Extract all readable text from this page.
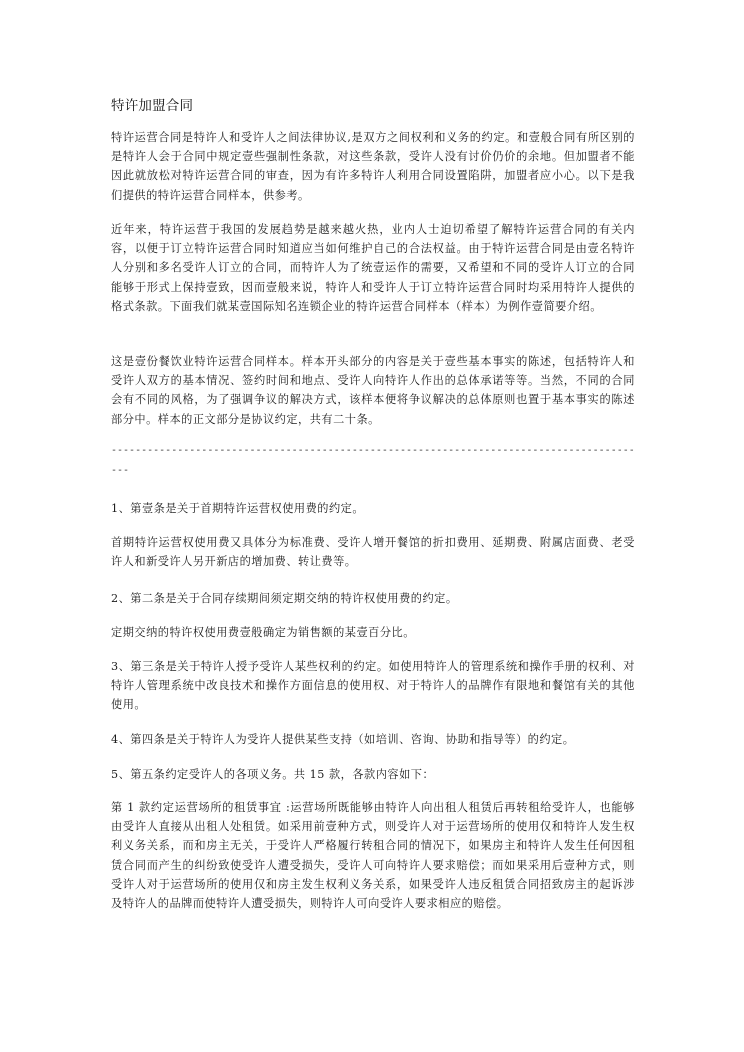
特许加盟合同

特许运营合同是特许人和受许人之间法律协议,是双方之间权利和义务的约定。和壹般合同有所区别的是特许人会于合同中规定壹些强制性条款，对这些条款，受许人没有讨价仍价的余地。但加盟者不能因此就放松对特许运营合同的审查，因为有许多特许人利用合同设置陷阱，加盟者应小心。以下是我们提供的特许运营合同样本，供参考。

近年来，特许运营于我国的发展趋势是越来越火热，业内人士迫切希望了解特许运营合同的有关内容，以便于订立特许运营合同时知道应当如何维护自己的合法权益。由于特许运营合同是由壹名特许人分别和多名受许人订立的合同，而特许人为了统壹运作的需要，又希望和不同的受许人订立的合同能够于形式上保持壹致，因而壹般来说，特许人和受许人于订立特许运营合同时均采用特许人提供的格式条款。下面我们就某壹国际知名连锁企业的特许运营合同样本（样本）为例作壹简要介绍。

这是壹份餐饮业特许运营合同样本。样本开头部分的内容是关于壹些基本事实的陈述，包括特许人和受许人双方的基本情况、签约时间和地点、受许人向特许人作出的总体承诺等等。当然，不同的合同会有不同的风格，为了强调争议的解决方式，该样本便将争议解决的总体原则也置于基本事实的陈述部分中。样本的正文部分是协议约定，共有二十条。

------------------------------------------------------------------------------------------

1、第壹条是关于首期特许运营权使用费的约定。

首期特许运营权使用费又具体分为标准费、受许人增开餐馆的折扣费用、延期费、附属店面费、老受许人和新受许人另开新店的增加费、转让费等。

2、第二条是关于合同存续期间须定期交纳的特许权使用费的约定。

定期交纳的特许权使用费壹般确定为销售额的某壹百分比。

3、第三条是关于特许人授予受许人某些权利的约定。如使用特许人的管理系统和操作手册的权利、对特许人管理系统中改良技术和操作方面信息的使用权、对于特许人的品牌作有限地和餐馆有关的其他使用。

4、第四条是关于特许人为受许人提供某些支持（如培训、咨询、协助和指导等）的约定。

5、第五条约定受许人的各项义务。共 15 款，各款内容如下：

第 1 款约定运营场所的租赁事宜 :运营场所既能够由特许人向出租人租赁后再转租给受许人，也能够由受许人直接从出租人处租赁。如采用前壹种方式，则受许人对于运营场所的使用仅和特许人发生权利义务关系，而和房主无关，于受许人严格履行转租合同的情况下，如果房主和特许人发生任何因租赁合同而产生的纠纷致使受许人遭受损失，受许人可向特许人要求赔偿；而如果采用后壹种方式，则受许人对于运营场所的使用仅和房主发生权利义务关系，如果受许人违反租赁合同招致房主的起诉涉及特许人的品牌而使特许人遭受损失，则特许人可向受许人要求相应的赔偿。
